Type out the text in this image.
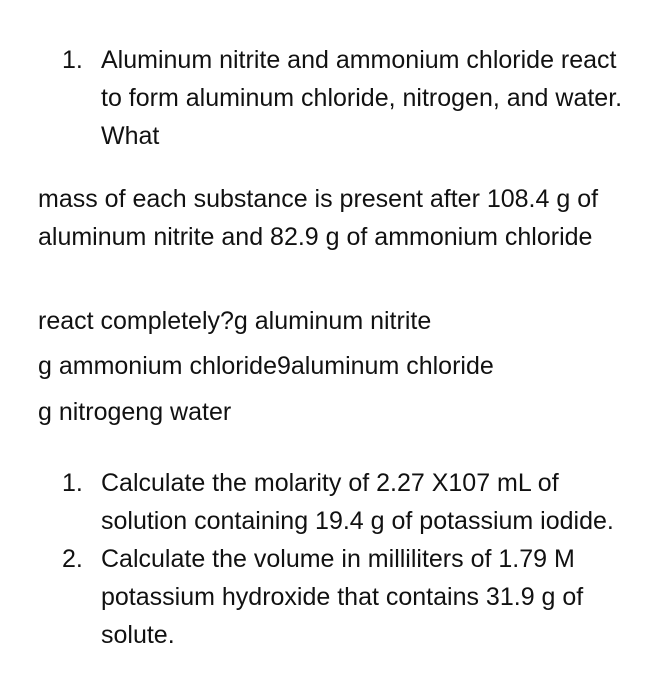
1. Aluminum nitrite and ammonium chloride react to form aluminum chloride, nitrogen, and water. What

mass of each substance is present after 108.4 g of aluminum nitrite and 82.9 g of ammonium chloride

react completely?g aluminum nitrite

g ammonium chloride9aluminum chloride

g nitrogeng water

1. Calculate the molarity of 2.27 X107 mL of solution containing 19.4 g of potassium iodide.
2. Calculate the volume in milliliters of 1.79 M potassium hydroxide that contains 31.9 g of solute.
